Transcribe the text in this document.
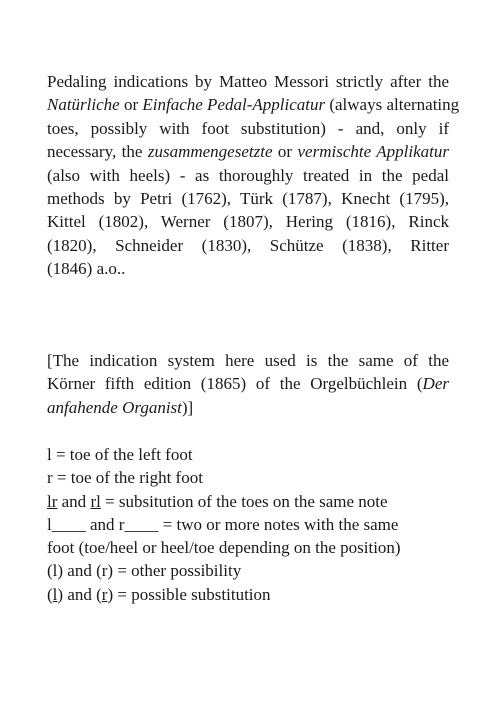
Pedaling indications by Matteo Messori strictly after the
Natürliche or Einfache Pedal-Applicatur (always alternating
toes, possibly with foot substitution) - and, only if
necessary, the zusammengesetzte or vermischte Applikatur
(also with heels) - as thoroughly treated in the pedal
methods by Petri (1762), Türk (1787), Knecht (1795),
Kittel (1802), Werner (1807), Hering (1816), Rinck
(1820), Schneider (1830), Schütze (1838), Ritter
(1846) a.o..

[The indication system here used is the same of the
Körner fifth edition (1865) of the Orgelbüchlein (Der
anfahende Organist)]

l = toe of the left foot
r = toe of the right foot
lr and rl = subsitution of the toes on the same note
l____ and r____ = two or more notes with the same
foot (toe/heel or heel/toe depending on the position)
(l) and (r) = other possibility
(l) and (r) = possible substitution
